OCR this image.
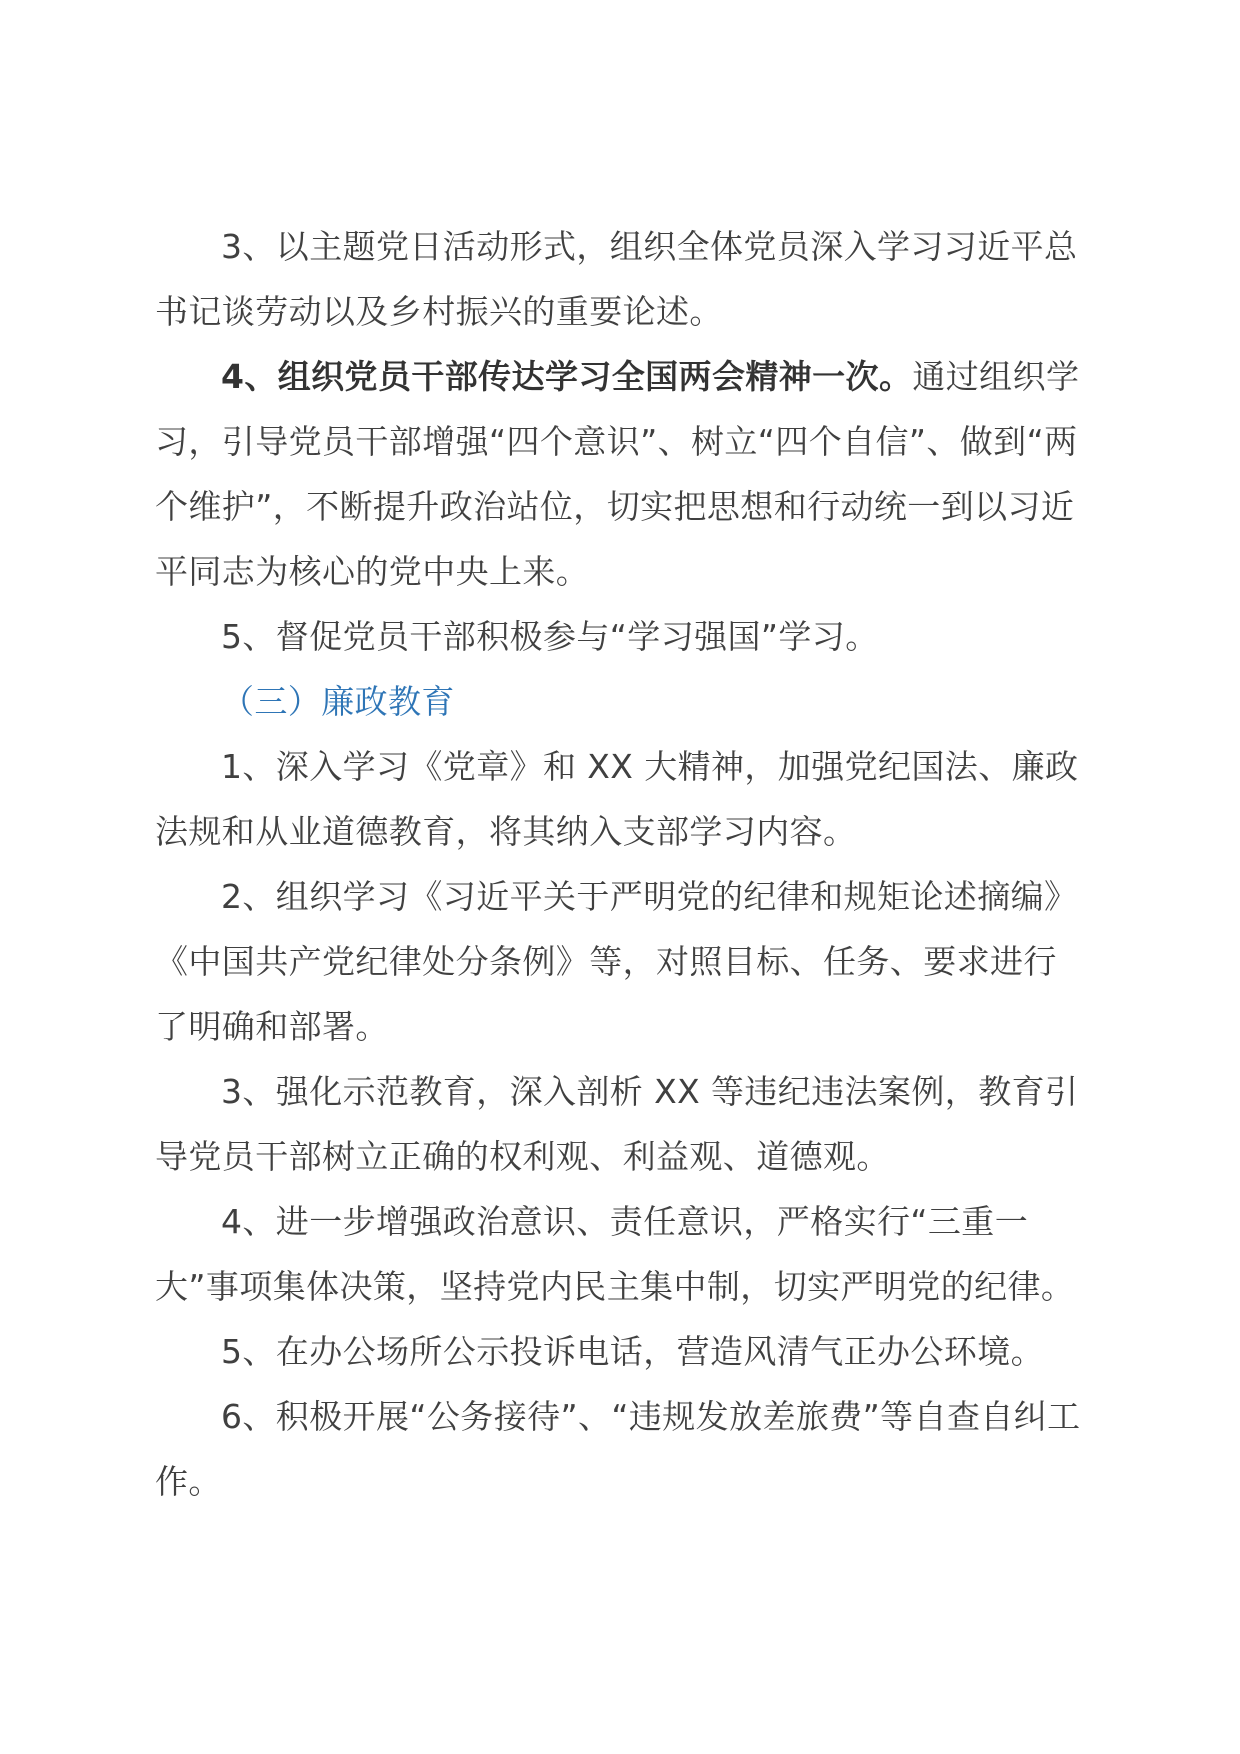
3、以主题党日活动形式，组织全体党员深入学习习近平总书记谈劳动以及乡村振兴的重要论述。

4、组织党员干部传达学习全国两会精神一次。通过组织学习，引导党员干部增强“四个意识”、树立“四个自信”、做到“两个维护”，不断提升政治站位，切实把思想和行动统一到以习近平同志为核心的党中央上来。

5、督促党员干部积极参与“学习强国”学习。

（三）廉政教育

1、深入学习《党章》和 XX 大精神，加强党纪国法、廉政法规和从业道德教育，将其纳入支部学习内容。

2、组织学习《习近平关于严明党的纪律和规矩论述摘编》《中国共产党纪律处分条例》等，对照目标、任务、要求进行了明确和部署。

3、强化示范教育，深入剖析 XX 等违纪违法案例，教育引导党员干部树立正确的权利观、利益观、道德观。

4、进一步增强政治意识、责任意识，严格实行“三重一大”事项集体决策，坚持党内民主集中制，切实严明党的纪律。

5、在办公场所公示投诉电话，营造风清气正办公环境。

6、积极开展“公务接待”、“违规发放差旅费”等自查自纠工作。
